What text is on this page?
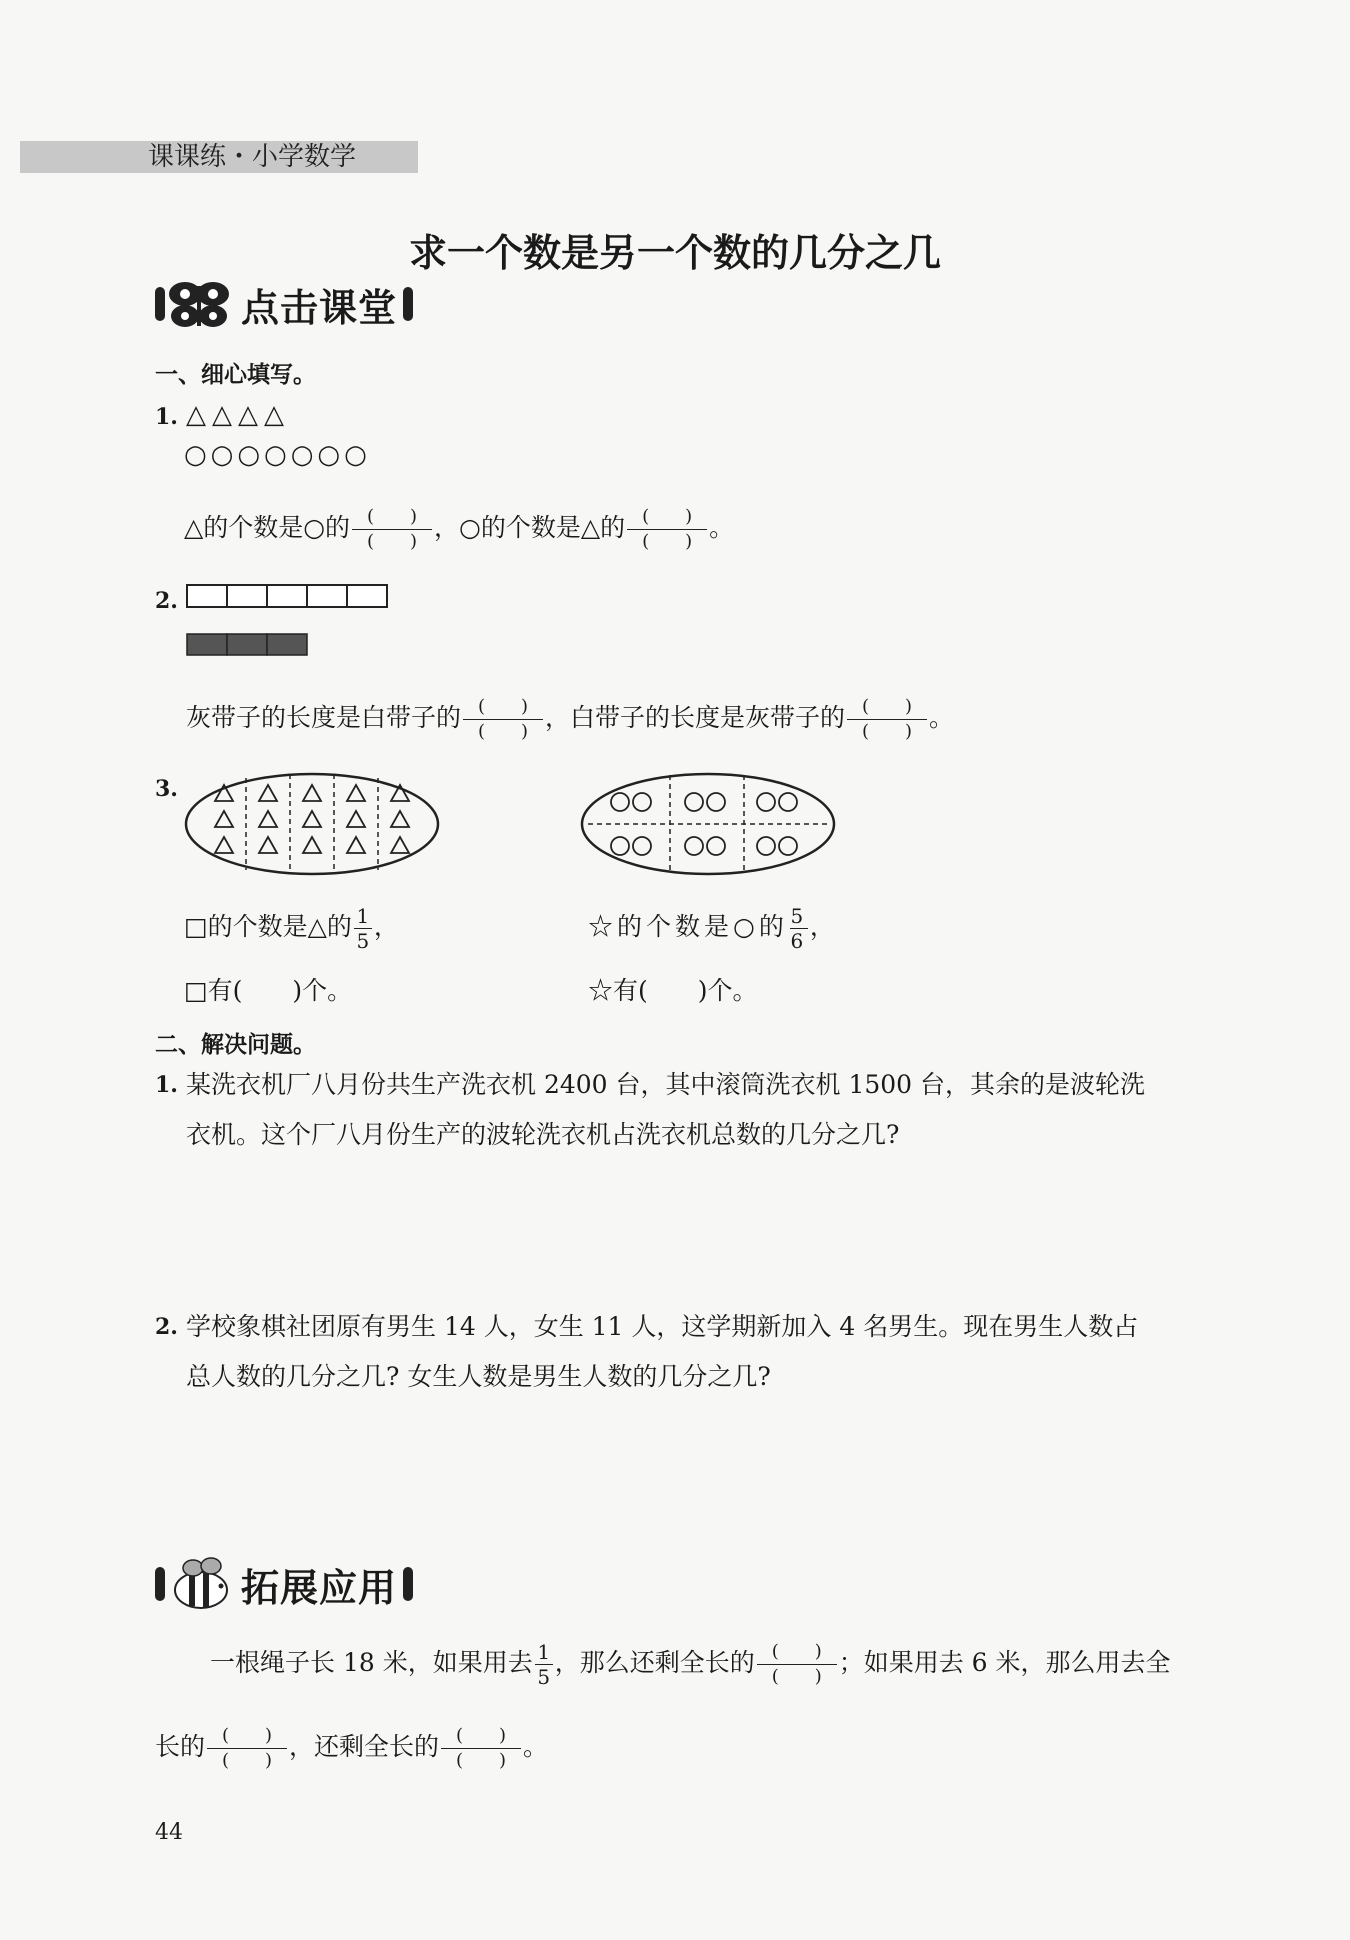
课课练・小学数学
求一个数是另一个数的几分之几
点击课堂
一、细心填写。
1. △△△△
○○○○○○○
△的个数是○的 $\frac{( )}{( )}$ ，○的个数是△的 $\frac{( )}{( )}$ 。
2.
灰带子的长度是白带子的 $\frac{( )}{( )}$ ，白带子的长度是灰带子的 $\frac{( )}{( )}$ 。
3.
□的个数是△的 $\frac{1}{5}$ ，
□有(　　)个。
☆的个数是○的 $\frac{5}{6}$ ，
☆有(　　)个。
二、解决问题。
1. 某洗衣机厂八月份共生产洗衣机 2400 台，其中滚筒洗衣机 1500 台，其余的是波轮洗
衣机。这个厂八月份生产的波轮洗衣机占洗衣机总数的几分之几?
2. 学校象棋社团原有男生 14 人，女生 11 人，这学期新加入 4 名男生。现在男生人数占
总人数的几分之几? 女生人数是男生人数的几分之几?
拓展应用
一根绳子长 18 米，如果用去 $\frac{1}{5}$ ，那么还剩全长的 $\frac{( )}{( )}$ ；如果用去 6 米，那么用去全
长的 $\frac{( )}{( )}$ ，还剩全长的 $\frac{( )}{( )}$ 。
44
